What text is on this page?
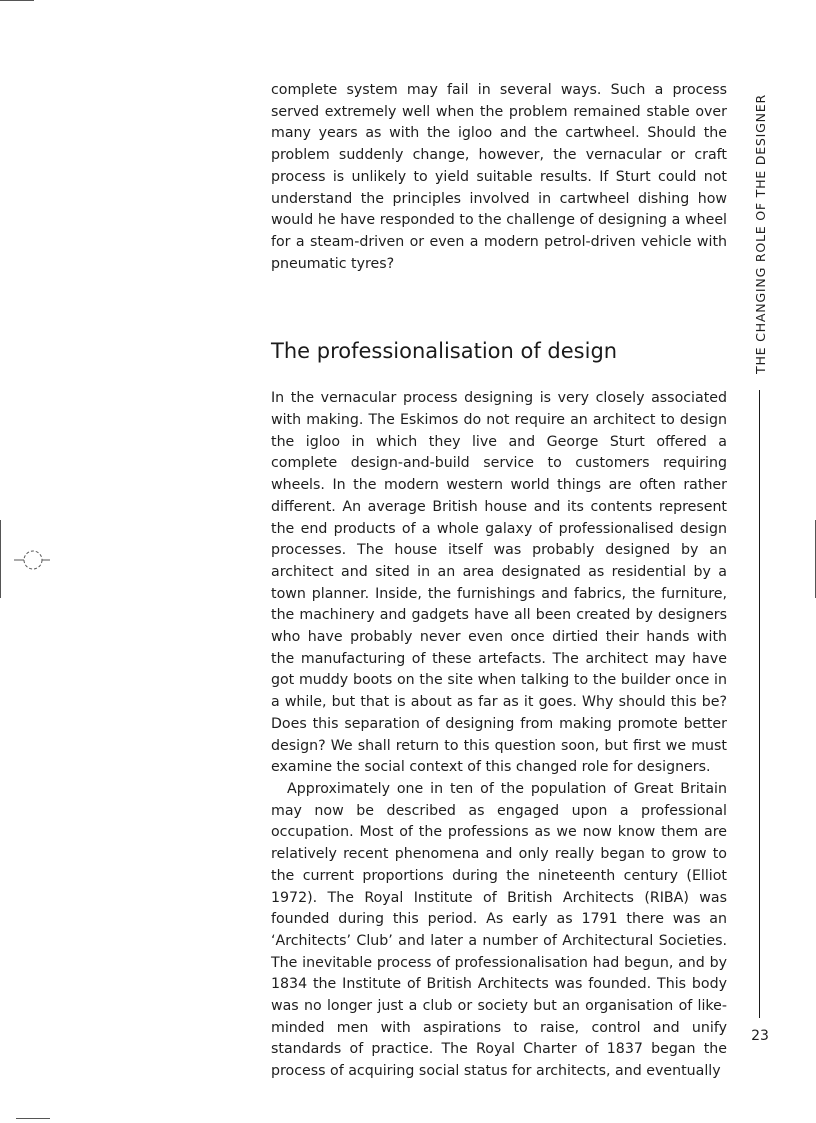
complete system may fail in several ways. Such a process served extremely well when the problem remained stable over many years as with the igloo and the cartwheel. Should the problem suddenly change, however, the vernacular or craft process is unlikely to yield suitable results. If Sturt could not understand the principles involved in cartwheel dishing how would he have responded to the challenge of designing a wheel for a steam-driven or even a modern petrol-driven vehicle with pneumatic tyres?

The professionalisation of design

In the vernacular process designing is very closely associated with making. The Eskimos do not require an architect to design the igloo in which they live and George Sturt offered a complete design-and-build service to customers requiring wheels. In the modern western world things are often rather different. An average British house and its contents represent the end products of a whole galaxy of professionalised design processes. The house itself was probably designed by an architect and sited in an area designated as residential by a town planner. Inside, the furnishings and fabrics, the furniture, the machinery and gadgets have all been created by designers who have probably never even once dirtied their hands with the manufacturing of these artefacts. The architect may have got muddy boots on the site when talking to the builder once in a while, but that is about as far as it goes. Why should this be? Does this separation of designing from making promote better design? We shall return to this question soon, but first we must examine the social context of this changed role for designers.

Approximately one in ten of the population of Great Britain may now be described as engaged upon a professional occupation. Most of the professions as we now know them are relatively recent phenomena and only really began to grow to the current proportions during the nineteenth century (Elliot 1972). The Royal Institute of British Architects (RIBA) was founded during this period. As early as 1791 there was an ‘Architects’ Club’ and later a number of Architectural Societies. The inevitable process of professionalisation had begun, and by 1834 the Institute of British Architects was founded. This body was no longer just a club or society but an organisation of like-minded men with aspirations to raise, control and unify standards of practice. The Royal Charter of 1837 began the process of acquiring social status for architects, and eventually

THE CHANGING ROLE OF THE DESIGNER
23
